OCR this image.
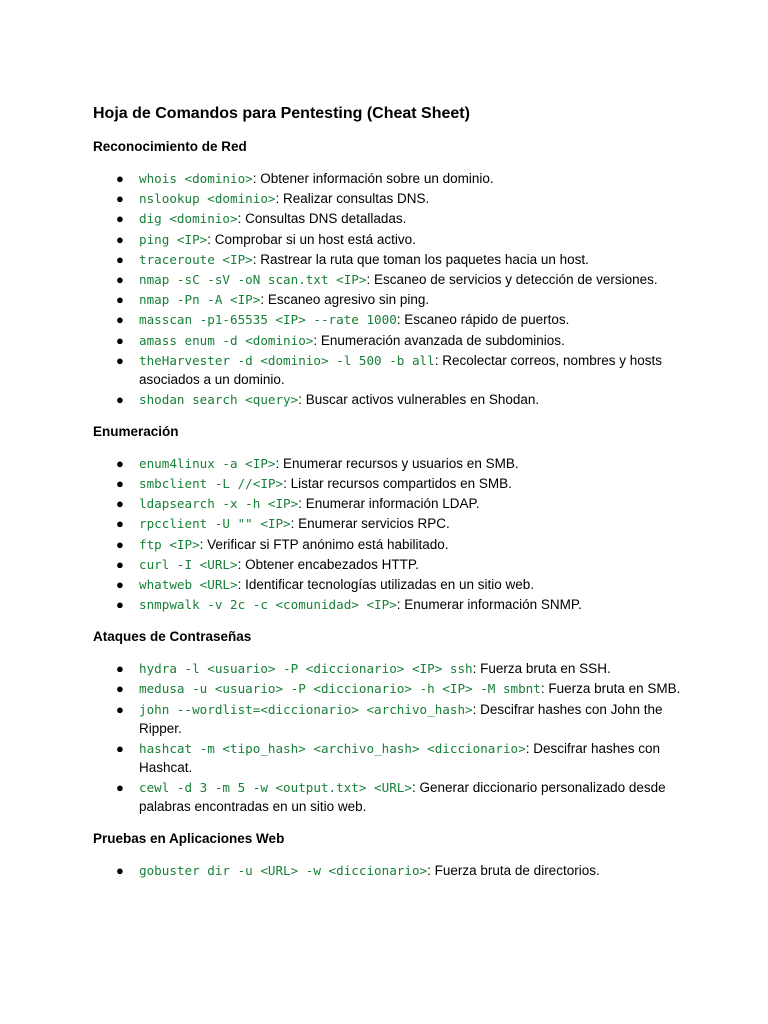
Hoja de Comandos para Pentesting (Cheat Sheet)
Reconocimiento de Red
● whois <dominio>: Obtener información sobre un dominio.
● nslookup <dominio>: Realizar consultas DNS.
● dig <dominio>: Consultas DNS detalladas.
● ping <IP>: Comprobar si un host está activo.
● traceroute <IP>: Rastrear la ruta que toman los paquetes hacia un host.
● nmap -sC -sV -oN scan.txt <IP>: Escaneo de servicios y detección de versiones.
● nmap -Pn -A <IP>: Escaneo agresivo sin ping.
● masscan -p1-65535 <IP> --rate 1000: Escaneo rápido de puertos.
● amass enum -d <dominio>: Enumeración avanzada de subdominios.
● theHarvester -d <dominio> -l 500 -b all: Recolectar correos, nombres y hosts asociados a un dominio.
● shodan search <query>: Buscar activos vulnerables en Shodan.
Enumeración
● enum4linux -a <IP>: Enumerar recursos y usuarios en SMB.
● smbclient -L //<IP>: Listar recursos compartidos en SMB.
● ldapsearch -x -h <IP>: Enumerar información LDAP.
● rpcclient -U "" <IP>: Enumerar servicios RPC.
● ftp <IP>: Verificar si FTP anónimo está habilitado.
● curl -I <URL>: Obtener encabezados HTTP.
● whatweb <URL>: Identificar tecnologías utilizadas en un sitio web.
● snmpwalk -v 2c -c <comunidad> <IP>: Enumerar información SNMP.
Ataques de Contraseñas
● hydra -l <usuario> -P <diccionario> <IP> ssh: Fuerza bruta en SSH.
● medusa -u <usuario> -P <diccionario> -h <IP> -M smbnt: Fuerza bruta en SMB.
● john --wordlist=<diccionario> <archivo_hash>: Descifrar hashes con John the Ripper.
● hashcat -m <tipo_hash> <archivo_hash> <diccionario>: Descifrar hashes con Hashcat.
● cewl -d 3 -m 5 -w <output.txt> <URL>: Generar diccionario personalizado desde palabras encontradas en un sitio web.
Pruebas en Aplicaciones Web
● gobuster dir -u <URL> -w <diccionario>: Fuerza bruta de directorios.
